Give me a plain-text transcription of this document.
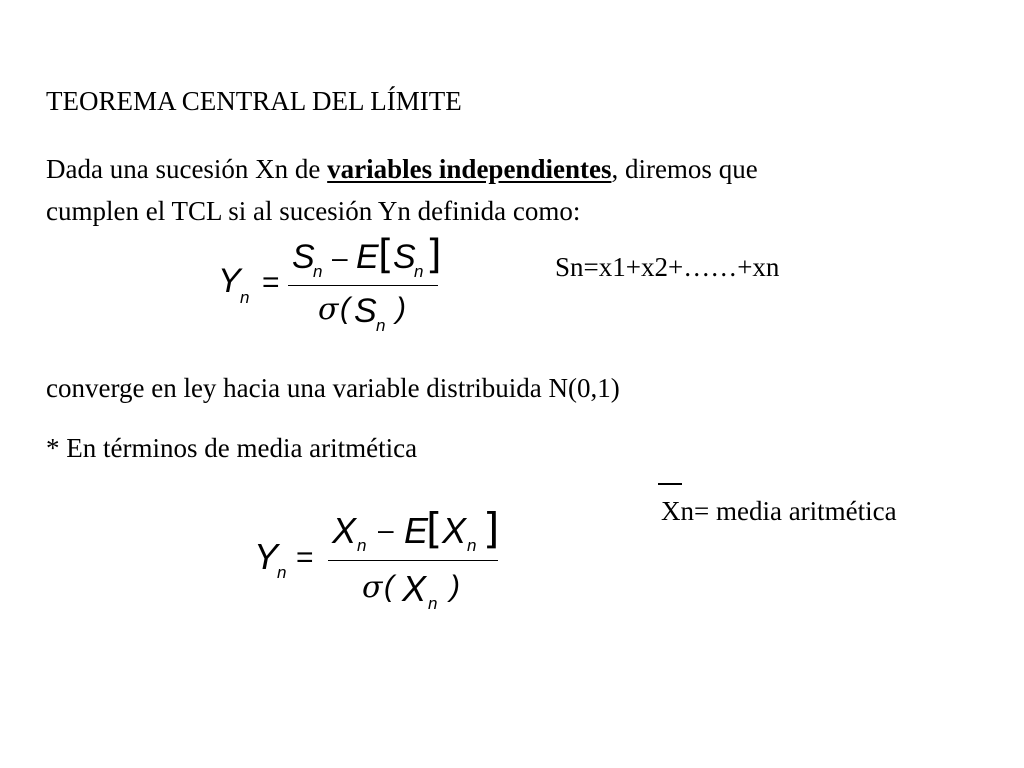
TEOREMA CENTRAL DEL LÍMITE
Dada una sucesión Xn de variables independientes, diremos que
cumplen el TCL si al sucesión Yn definida como:
Y n =
S
n – E [ S
n ]
σ ( S n
)
Sn=x1+x2+……+xn
converge en ley hacia una variable distribuida N(0,1)
* En términos de media aritmética
Xn= media aritmética
Y
n =
X n
– E
[ X n ]
σ ( X n
)
